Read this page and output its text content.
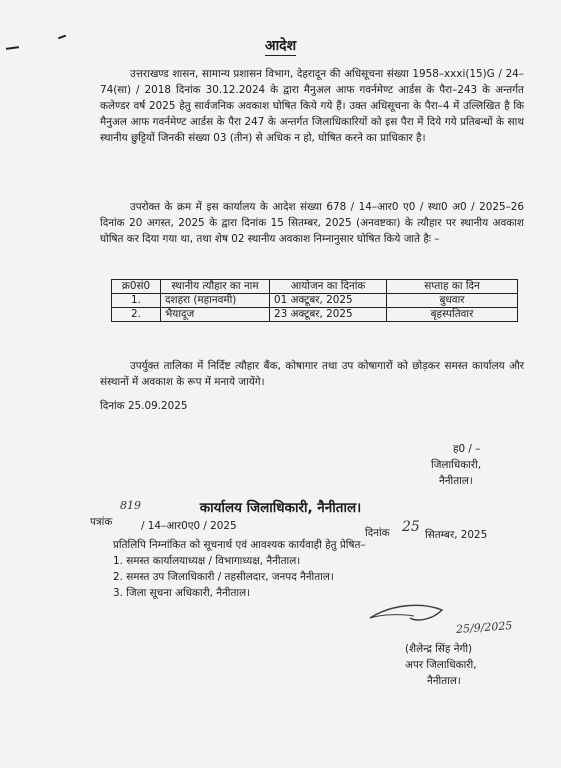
आदेश
उत्तराखण्ड शासन, सामान्य प्रशासन विभाग, देहरादून की अधिसूचना संख्या 1958–xxxi(15)G / 24–74(सा) / 2018 दिनांक 30.12.2024 के द्वारा मैनुअल आफ गवर्नमेण्ट आर्डस के पैरा–243 के अन्तर्गत कलेण्डर वर्ष 2025 हेतु सार्वजनिक अवकाश घोषित किये गये हैं। उक्त अधिसूचना के पैरा–4 में उल्लिखित है कि मैनुअल आफ गवर्नमेण्ट आर्डस के पैरा 247 के अन्तर्गत जिलाधिकारियों को इस पैरा में दिये गये प्रतिबन्धों के साथ स्थानीय छुट्टियों जिनकी संख्या 03 (तीन) से अधिक न हो, घोषित करने का प्राधिकार है।
उपरोक्त के क्रम में इस कार्यालय के आदेश संख्या 678 / 14–आर0 ए0 / स्था0 अ0 / 2025–26 दिनांक 20 अगस्त, 2025 के द्वारा दिनांक 15 सितम्बर, 2025 (अनवष्टका) के त्यौहार पर स्थानीय अवकाश घोषित कर दिया गया था, तथा शेष 02 स्थानीय अवकाश निम्नानुसार घोषित किये जाते हैः –
क्र0सं0	स्थानीय त्यौहार का नाम	आयोजन का दिनांक	सप्ताह का दिन
1.	दशहरा (महानवमी)	01 अक्टूबर, 2025	बुधवार
2.	भैयादूज	23 अक्टूबर, 2025	बृहस्पतिवार
उपर्युक्त तालिका में निर्दिष्ट त्यौहार बैंक, कोषागार तथा उप कोषागारों को छोड़कर समस्त कार्यालय और संस्थानों में अवकाश के रूप में मनाये जायेंगे।
दिनांक 25.09.2025
ह0 / –
जिलाधिकारी,
नैनीताल।
कार्यालय जिलाधिकारी, नैनीताल।
819
पत्रांक	/ 14–आर0ए0 / 2025
दिनांक 25 सितम्बर, 2025
प्रतिलिपि निम्नांकित को सूचनार्थ एवं आवश्यक कार्यवाही हेतु प्रेषित–
1. समस्त कार्यालयाध्यक्ष / विभागाध्यक्ष, नैनीताल।
2. समस्त उप जिलाधिकारी / तहसीलदार, जनपद नैनीताल।
3. जिला सूचना अधिकारी, नैनीताल।
25/9/2025
(शैलेन्द्र सिंह नेगी)
अपर जिलाधिकारी,
नैनीताल।
